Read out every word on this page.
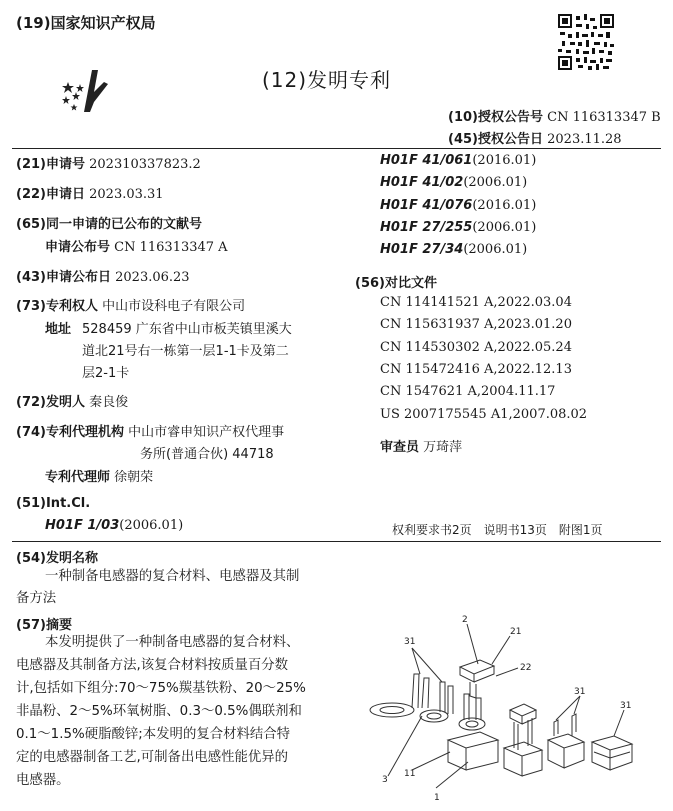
(19)国家知识产权局
(12)发明专利
(10)授权公告号 CN 116313347 B
(45)授权公告日 2023.11.28
(21)申请号 202310337823.2
(22)申请日 2023.03.31
(65)同一申请的已公布的文献号
申请公布号 CN 116313347 A
(43)申请公布日 2023.06.23
(73)专利权人 中山市设科电子有限公司
地址 528459 广东省中山市板芙镇里溪大
道北21号右一栋第一层1-1卡及第二
层2-1卡
(72)发明人 秦良俊
(74)专利代理机构 中山市睿申知识产权代理事
务所(普通合伙) 44718
专利代理师 徐朝荣
(51)Int.Cl.
H01F 1/03(2006.01)
H01F 41/061(2016.01)
H01F 41/02(2006.01)
H01F 41/076(2016.01)
H01F 27/255(2006.01)
H01F 27/34(2006.01)
(56)对比文件
CN 114141521 A,2022.03.04
CN 115631937 A,2023.01.20
CN 114530302 A,2022.05.24
CN 115472416 A,2022.12.13
CN 1547621 A,2004.11.17
US 2007175545 A1,2007.08.02
审查员 万琦萍
权利要求书2页　说明书13页　附图1页
(54)发明名称
一种制备电感器的复合材料、电感器及其制
备方法
(57)摘要
本发明提供了一种制备电感器的复合材料、
电感器及其制备方法,该复合材料按质量百分数
计,包括如下组分:70～75%羰基铁粉、20～25%
非晶粉、2～5%环氧树脂、0.3～0.5%偶联剂和
0.1～1.5%硬脂酸锌;本发明的复合材料结合特
定的电感器制备工艺,可制备出电感性能优异的
电感器。
31
2
21
22
31
31
3
11
1
